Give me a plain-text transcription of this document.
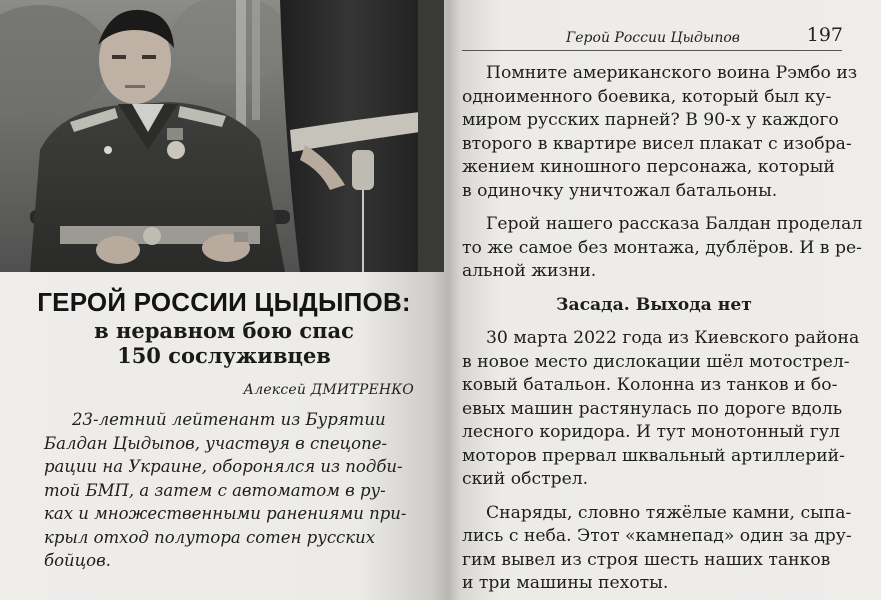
ГЕРОЙ РОССИИ ЦЫДЫПОВ:
в неравном бою спас
150 сослуживцев
Алексей ДМИТРЕНКО
23-летний лейтенант из Бурятии
Балдан Цыдыпов, участвуя в спецопе-
рации на Украине, оборонялся из подби-
той БМП, а затем с автоматом в ру-
ках и множественными ранениями при-
крыл отход полутора сотен русских
бойцов.
Герой России Цыдыпов	197
Помните американского воина Рэмбо из
одноименного боевика, который был ку-
миром русских парней? В 90-х у каждого
второго в квартире висел плакат с изобра-
жением киношного персонажа, который
в одиночку уничтожал батальоны.
Герой нашего рассказа Балдан проделал
то же самое без монтажа, дублёров. И в ре-
альной жизни.
Засада. Выхода нет
30 марта 2022 года из Киевского района
в новое место дислокации шёл мотострел-
ковый батальон. Колонна из танков и бо-
евых машин растянулась по дороге вдоль
лесного коридора. И тут монотонный гул
моторов прервал шквальный артиллерий-
ский обстрел.
Снаряды, словно тяжёлые камни, сыпа-
лись с неба. Этот «камнепад» один за дру-
гим вывел из строя шесть наших танков
и три машины пехоты.
